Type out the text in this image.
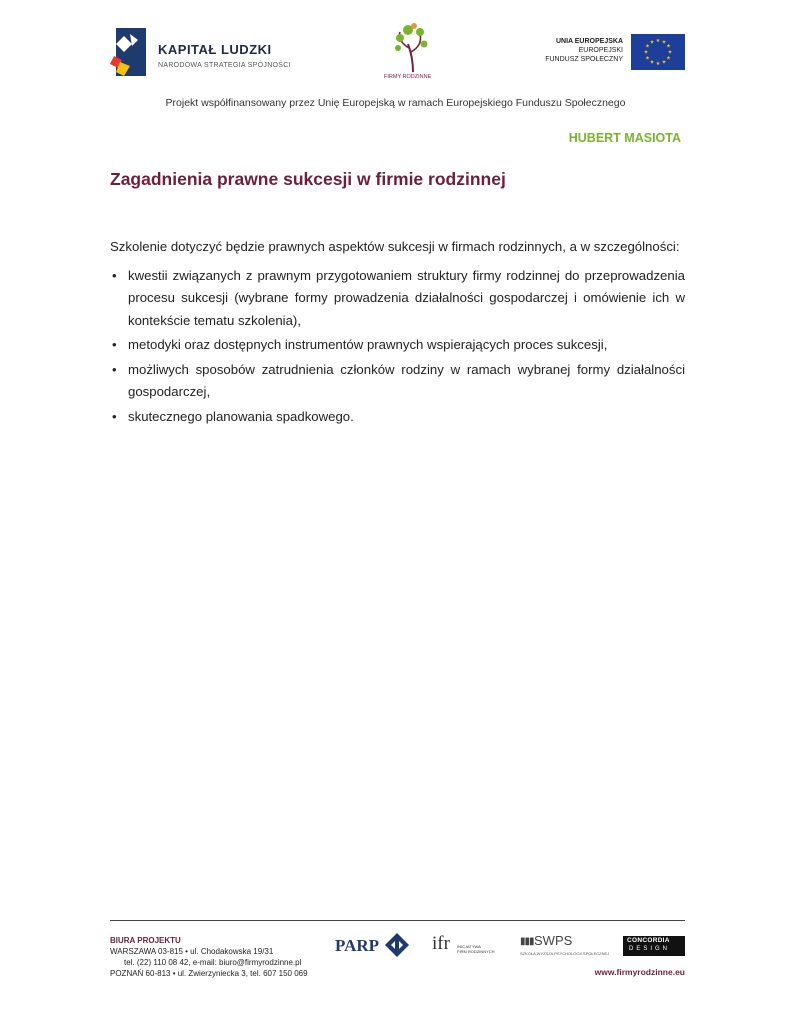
KAPITAŁ LUDZKI
NARODOWA STRATEGIA SPÓJNOŚCI
FIRMY RODZINNE
UNIA EUROPEJSKA
EUROPEJSKI
FUNDUSZ SPOŁECZNY
★ ★
★
★
★
★
★
★
★
★
★
★
Projekt współfinansowany przez Unię Europejską w ramach Europejskiego Funduszu Społecznego
HUBERT MASIOTA
Zagadnienia prawne sukcesji w firmie rodzinnej

Szkolenie dotyczyć będzie prawnych aspektów sukcesji w firmach rodzinnych, a w szczególności:

• kwestii związanych z prawnym przygotowaniem struktury firmy rodzinnej do przeprowadzenia procesu sukcesji (wybrane formy prowadzenia działalności gospodarczej i omówienie ich w kontekście tematu szkolenia),
• metodyki oraz dostępnych instrumentów prawnych wspierających proces sukcesji,
• możliwych sposobów zatrudnienia członków rodziny w ramach wybranej formy działalności gospodarczej,
• skutecznego planowania spadkowego.
BIURA PROJEKTU
WARSZAWA 03-815 • ul. Chodakowska 19/31
tel. (22) 110 08 42, e-mail: biuro@firmyrodzinne.pl
POZNAŃ 60-813 • ul. Zwierzyniecka 3, tel. 607 150 069
PARP	ifr INICJATYWA
FIRM RODZINNYCH
▮▮▮ SWPS
SZKOŁA WYŻSZA PSYCHOLOGII SPOŁECZNEJ
CONCORDIA
DESIGN
www.firmyrodzinne.eu
